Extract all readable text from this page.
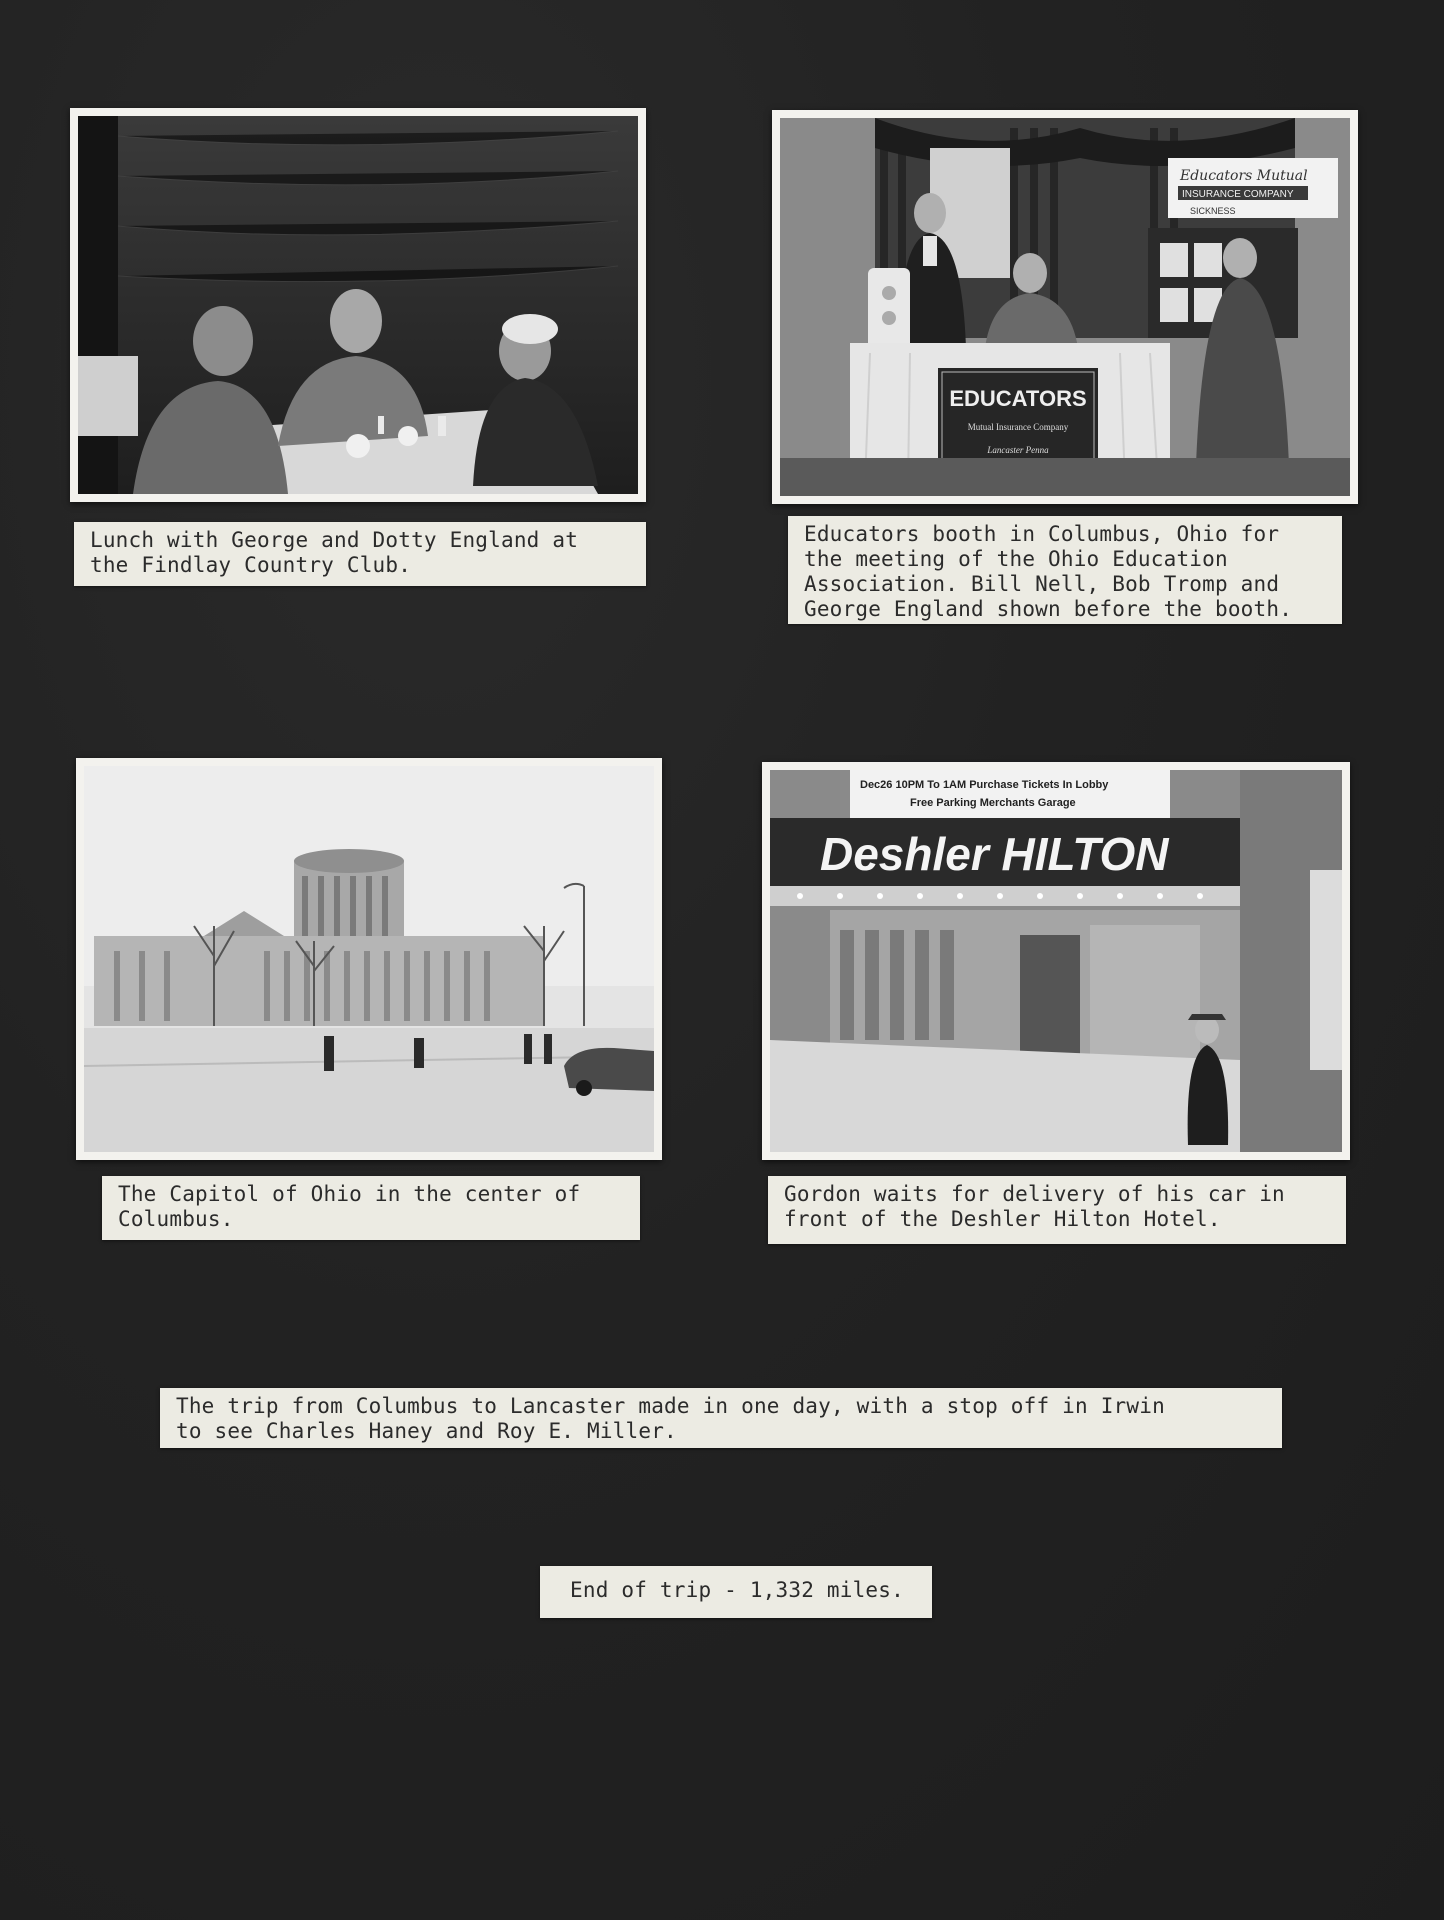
Lunch with George and Dotty England at
the Findlay Country Club.
Educators Mutual
INSURANCE COMPANY
SICKNESS
EDUCATORS
Mutual Insurance Company
Lancaster Penna
Educators booth in Columbus, Ohio for
the meeting of the Ohio Education
Association. Bill Nell, Bob Tromp and
George England shown before the booth.
The Capitol of Ohio in the center of
Columbus.
Dec26 10PM To 1AM Purchase Tickets In Lobby
Free Parking Merchants Garage
Deshler HILTON
Gordon waits for delivery of his car in
front of the Deshler Hilton Hotel.
The trip from Columbus to Lancaster made in one day, with a stop off in Irwin
to see Charles Haney and Roy E. Miller.
End of trip - 1,332 miles.
